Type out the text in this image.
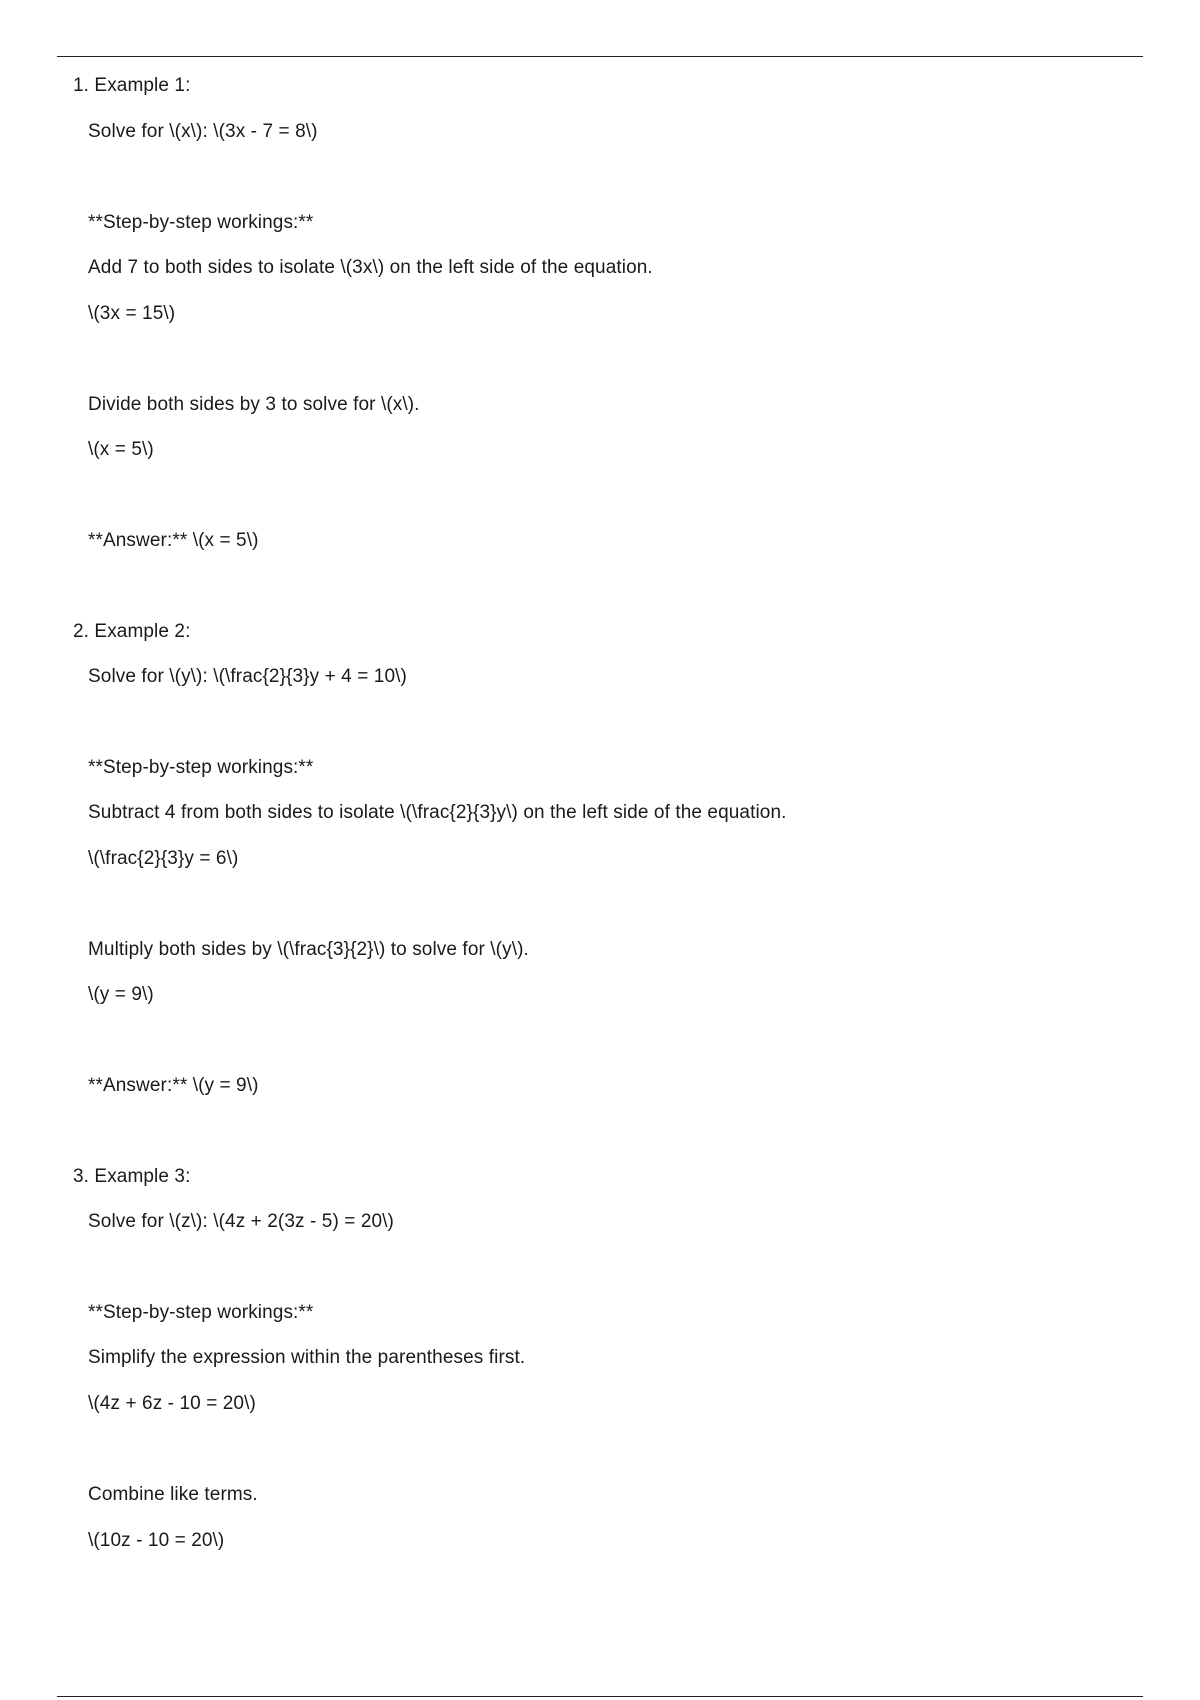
1. Example 1:
Solve for \(x\): \(3x - 7 = 8\)
**Step-by-step workings:**
Add 7 to both sides to isolate \(3x\) on the left side of the equation.
\(3x = 15\)
Divide both sides by 3 to solve for \(x\).
\(x = 5\)
**Answer:** \(x = 5\)
2. Example 2:
Solve for \(y\): \(\frac{2}{3}y + 4 = 10\)
**Step-by-step workings:**
Subtract 4 from both sides to isolate \(\frac{2}{3}y\) on the left side of the equation.
\(\frac{2}{3}y = 6\)
Multiply both sides by \(\frac{3}{2}\) to solve for \(y\).
\(y = 9\)
**Answer:** \(y = 9\)
3. Example 3:
Solve for \(z\): \(4z + 2(3z - 5) = 20\)
**Step-by-step workings:**
Simplify the expression within the parentheses first.
\(4z + 6z - 10 = 20\)
Combine like terms.
\(10z - 10 = 20\)
